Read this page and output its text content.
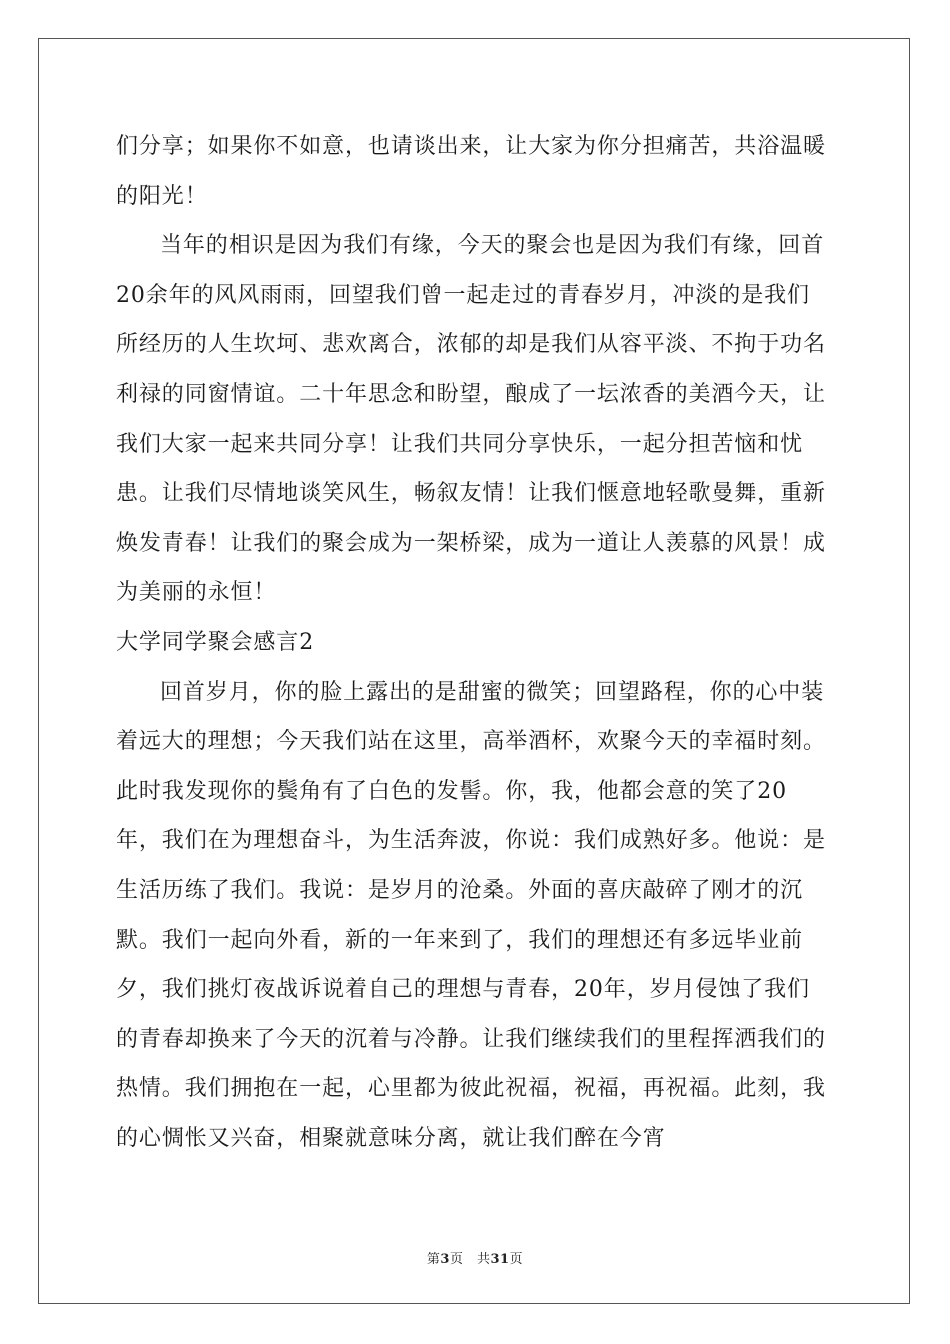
们分享；如果你不如意，也请谈出来，让大家为你分担痛苦，共浴温暖的阳光！

当年的相识是因为我们有缘，今天的聚会也是因为我们有缘，回首20余年的风风雨雨，回望我们曾一起走过的青春岁月，冲淡的是我们所经历的人生坎坷、悲欢离合，浓郁的却是我们从容平淡、不拘于功名利禄的同窗情谊。二十年思念和盼望，酿成了一坛浓香的美酒今天，让我们大家一起来共同分享！让我们共同分享快乐，一起分担苦恼和忧患。让我们尽情地谈笑风生，畅叙友情！让我们惬意地轻歌曼舞，重新焕发青春！让我们的聚会成为一架桥梁，成为一道让人羡慕的风景！成为美丽的永恒！

大学同学聚会感言2

回首岁月，你的脸上露出的是甜蜜的微笑；回望路程，你的心中装着远大的理想；今天我们站在这里，高举酒杯，欢聚今天的幸福时刻。此时我发现你的鬓角有了白色的发髻。你，我，他都会意的笑了20年，我们在为理想奋斗，为生活奔波，你说：我们成熟好多。他说：是生活历练了我们。我说：是岁月的沧桑。外面的喜庆敲碎了刚才的沉默。我们一起向外看，新的一年来到了，我们的理想还有多远毕业前夕，我们挑灯夜战诉说着自己的理想与青春，20年，岁月侵蚀了我们的青春却换来了今天的沉着与冷静。让我们继续我们的里程挥洒我们的热情。我们拥抱在一起，心里都为彼此祝福，祝福，再祝福。此刻，我的心惆怅又兴奋，相聚就意味分离，就让我们醉在今宵

第3页　共31页
